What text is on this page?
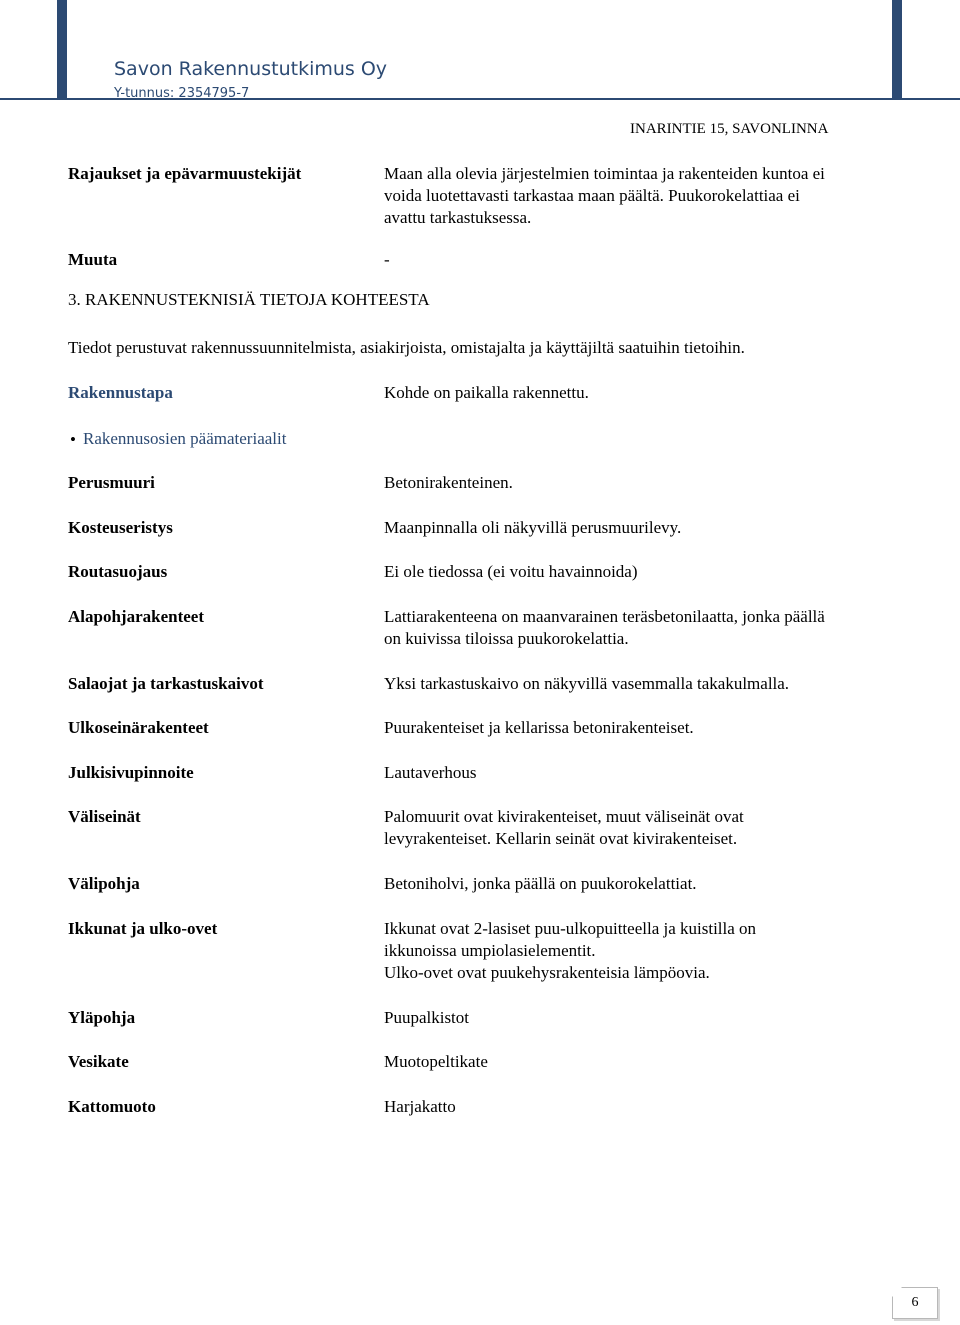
Savon Rakennustutkimus Oy
Y-tunnus: 2354795-7
INARINTIE 15, SAVONLINNA
Rajaukset ja epävarmuustekijät	Maan alla olevia järjestelmien toimintaa ja rakenteiden kuntoa ei
voida luotettavasti tarkastaa maan päältä. Puukorokelattiaa ei
avattu tarkastuksessa.
Muuta	-
3. RAKENNUSTEKNISIÄ TIETOJA KOHTEESTA
Tiedot perustuvat rakennussuunnitelmista, asiakirjoista, omistajalta ja käyttäjiltä saatuihin tietoihin.
Rakennustapa	Kohde on paikalla rakennettu.
• Rakennusosien päämateriaalit
Perusmuuri	Betonirakenteinen.
Kosteuseristys	Maanpinnalla oli näkyvillä perusmuurilevy.
Routasuojaus	Ei ole tiedossa (ei voitu havainnoida)
Alapohjarakenteet	Lattiarakenteena on maanvarainen teräsbetonilaatta, jonka päällä
on kuivissa tiloissa puukorokelattia.
Salaojat ja tarkastuskaivot	Yksi tarkastuskaivo on näkyvillä vasemmalla takakulmalla.
Ulkoseinärakenteet	Puurakenteiset ja kellarissa betonirakenteiset.
Julkisivupinnoite	Lautaverhous
Väliseinät	Palomuurit ovat kivirakenteiset, muut väliseinät ovat
levyrakenteiset. Kellarin seinät ovat kivirakenteiset.
Välipohja	Betoniholvi, jonka päällä on puukorokelattiat.
Ikkunat ja ulko-ovet	Ikkunat ovat 2-lasiset puu-ulkopuitteella ja kuistilla on
ikkunoissa umpiolasielementit.
Ulko-ovet ovat puukehysrakenteisia lämpöovia.
Yläpohja	Puupalkistot
Vesikate	Muotopeltikate
Kattomuoto	Harjakatto
6
